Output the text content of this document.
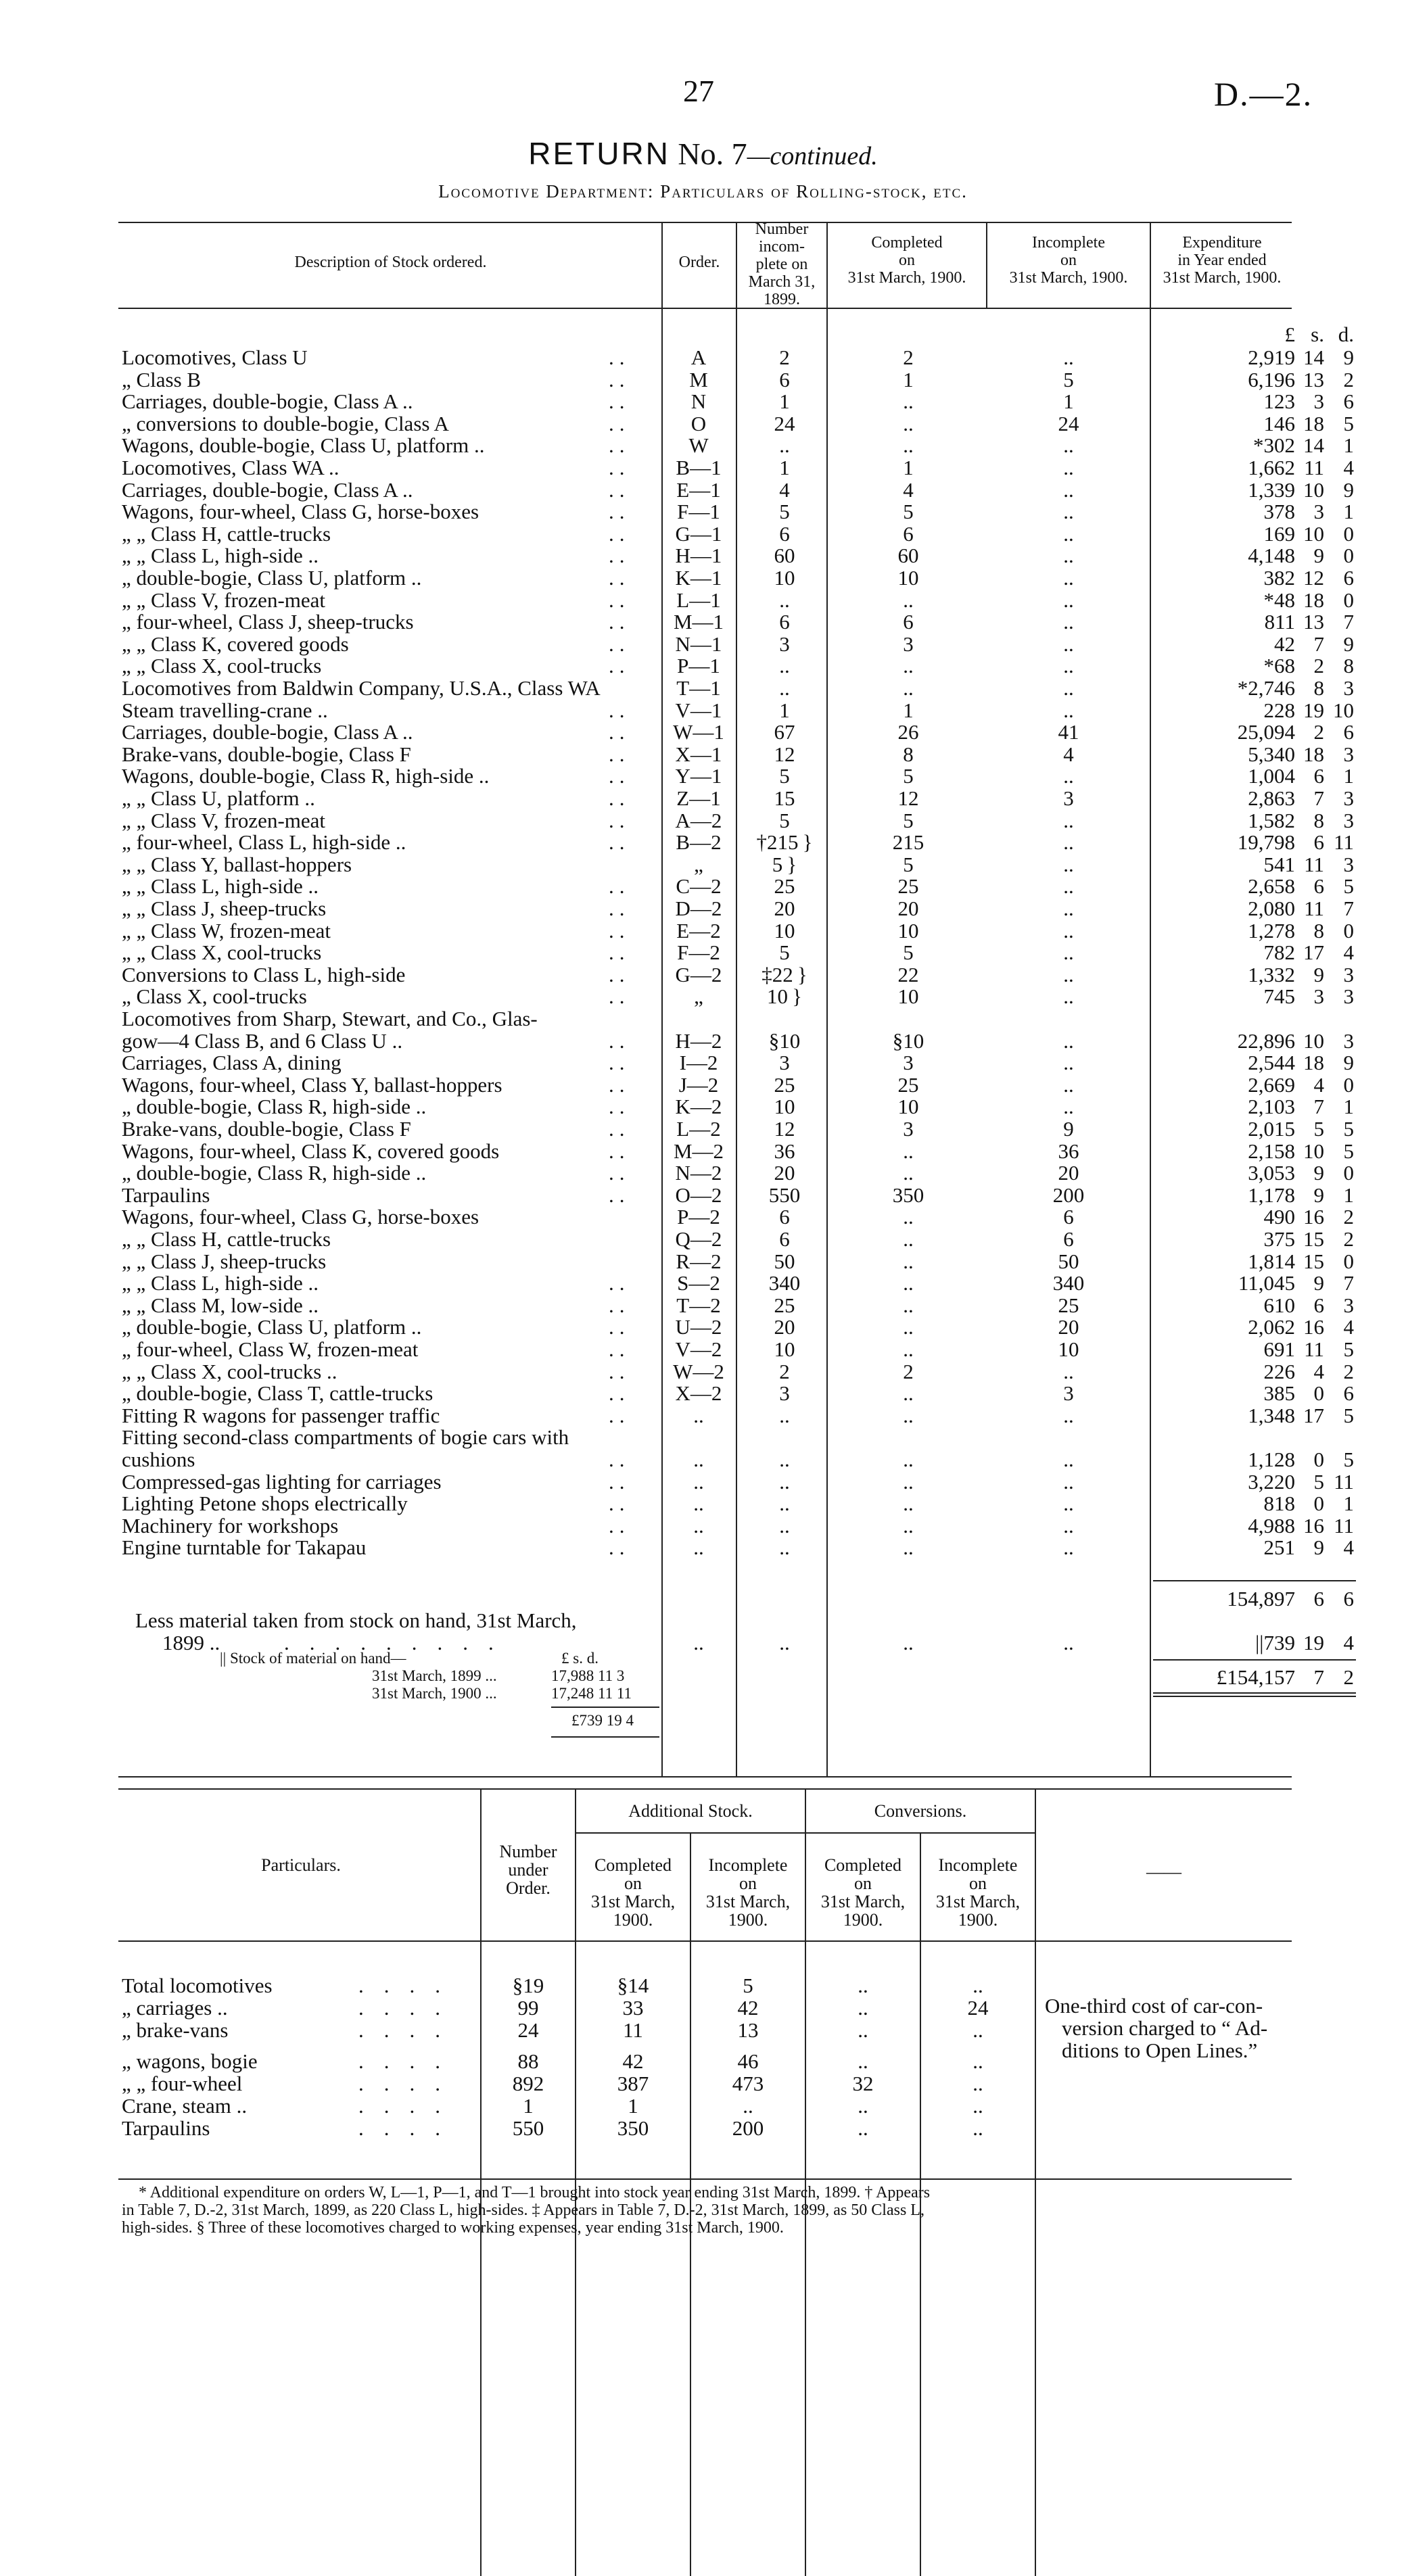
27	D.—2.
RETURN No. 7—continued.
Locomotive Department: Particulars of Rolling-stock, etc.
Description of Stock ordered.	Order.
Number
incom-
plete on
March 31,
1899.
Completed
on
31st March, 1900.
Incomplete
on
31st March, 1900.
Expenditure
in Year ended
31st March, 1900.
£ s. d.
Locomotives, Class U	A	2	2	..	2,919 14 9
..
„ Class B	M	6	1	5	6,196 13 2
..
Carriages, double-bogie, Class A ..	N	1	..	1	123 3 6
..
„ conversions to double-bogie, Class A	O	24	..	24	146 18 5
..
Wagons, double-bogie, Class U, platform ..	W	..	..	..	*302 14 1
..
Locomotives, Class WA ..	B—1	1	1	..	1,662 11 4
..
Carriages, double-bogie, Class A ..	E—1	4	4	..	1,339 10 9
..
Wagons, four-wheel, Class G, horse-boxes	F—1	5	5	..	378 3 1
..
„ „ Class H, cattle-trucks	G—1	6	6	..	169 10 0
..
„ „ Class L, high-side ..	H—1	60	60	..	4,148 9 0
..
„ double-bogie, Class U, platform ..	K—1	10	10	..	382 12 6
..
„ „ Class V, frozen-meat	L—1	..	..	..	*48 18 0
..
„ four-wheel, Class J, sheep-trucks	M—1	6	6	..	811 13 7
..
„ „ Class K, covered goods	N—1	3	3	..	42 7 9
..
„ „ Class X, cool-trucks	P—1	..	..	..	*68 2 8
..
Locomotives from Baldwin Company, U.S.A., Class WA	T—1	..	..	..	*2,746 8 3
Steam travelling-crane ..	V—1	1	1	..	228 19 10
..
Carriages, double-bogie, Class A ..	W—1	67	26	41	25,094 2 6
..
Brake-vans, double-bogie, Class F	X—1	12	8	4	5,340 18 3
..
Wagons, double-bogie, Class R, high-side ..	Y—1	5	5	..	1,004 6 1
..
„ „ Class U, platform ..	Z—1	15	12	3	2,863 7 3
..
„ „ Class V, frozen-meat	A—2	5	5	..	1,582 8 3
..
„ four-wheel, Class L, high-side ..	B—2	†215 }	215	..	19,798 6 11
..
„ „ Class Y, ballast-hoppers	„	5 }	5	..	541 11 3
„ „ Class L, high-side ..	C—2	25	25	..	2,658 6 5
..
„ „ Class J, sheep-trucks	D—2	20	20	..	2,080 11 7
..
„ „ Class W, frozen-meat	E—2	10	10	..	1,278 8 0
..
„ „ Class X, cool-trucks	F—2	5	5	..	782 17 4
..
Conversions to Class L, high-side	G—2	‡22 }	22	..	1,332 9 3
..
„ Class X, cool-trucks	„	10 }	10	..	745 3 3
..
Locomotives from Sharp, Stewart, and Co., Glas-
gow—4 Class B, and 6 Class U ..	H—2	§10	§10	..	22,896 10 3
..
Carriages, Class A, dining	I—2	3	3	..	2,544 18 9
..
Wagons, four-wheel, Class Y, ballast-hoppers	J—2	25	25	..	2,669 4 0
..
„ double-bogie, Class R, high-side ..	K—2	10	10	..	2,103 7 1
..
Brake-vans, double-bogie, Class F	L—2	12	3	9	2,015 5 5
..
Wagons, four-wheel, Class K, covered goods	M—2	36	..	36	2,158 10 5
..
„ double-bogie, Class R, high-side ..	N—2	20	..	20	3,053 9 0
..
Tarpaulins	O—2	550	350	200	1,178 9 1
..
Wagons, four-wheel, Class G, horse-boxes	P—2	6	..	6	490 16 2
„ „ Class H, cattle-trucks	Q—2	6	..	6	375 15 2
„ „ Class J, sheep-trucks	R—2	50	..	50	1,814 15 0
„ „ Class L, high-side ..	S—2	340	..	340	11,045 9 7
..
„ „ Class M, low-side ..	T—2	25	..	25	610 6 3
..
„ double-bogie, Class U, platform ..	U—2	20	..	20	2,062 16 4
..
„ four-wheel, Class W, frozen-meat	V—2	10	..	10	691 11 5
..
„ „ Class X, cool-trucks ..	W—2	2	2	..	226 4 2
..
„ double-bogie, Class T, cattle-trucks	X—2	3	..	3	385 0 6
..
Fitting R wagons for passenger traffic	..	..	..	..	1,348 17 5
..
Fitting second-class compartments of bogie cars with
cushions	..	..	..	..	1,128 0 5
..
Compressed-gas lighting for carriages	..	..	..	..	3,220 5 11
..
Lighting Petone shops electrically	..	..	..	..	818 0 1
..
Machinery for workshops	..	..	..	..	4,988 16 11
..
Engine turntable for Takapau	..	..	..	..	251 9 4
..
154,897 6 6
Less material taken from stock on hand, 31st March,
1899 ..	.........	..	..	..	..	||739 19 4
£154,157 7 2
|| Stock of material on hand—	£ s. d.
31st March, 1899 ...	17,988 11 3
31st March, 1900 ...	17,248 11 11
£739 19 4
Particulars.
Number
under
Order.
Additional Stock.	Conversions.
Completed
on
31st March,
1900.
Incomplete
on
31st March,
1900.
Completed
on
31st March,
1900.
Incomplete
on
31st March,
1900.
——
Total locomotives	§19	§14	5	..	..
....
„ carriages ..	99	33	42	..	24
....
„ brake-vans	24	11	13	..	..
....
„ wagons, bogie	88	42	46	..	..
....
„ „ four-wheel	892	387	473	32	..
....
Crane, steam ..	1	1	..	..	..
....
Tarpaulins	550	350	200	..	..
....
One-third cost of car-con-
version charged to “ Ad-
ditions to Open Lines.”
* Additional expenditure on orders W, L—1, P—1, and T—1 brought into stock year ending 31st March, 1899. † Appears
in Table 7, D.-2, 31st March, 1899, as 220 Class L, high-sides. ‡ Appears in Table 7, D.-2, 31st March, 1899, as 50 Class L,
high-sides. § Three of these locomotives charged to working expenses, year ending 31st March, 1900.
